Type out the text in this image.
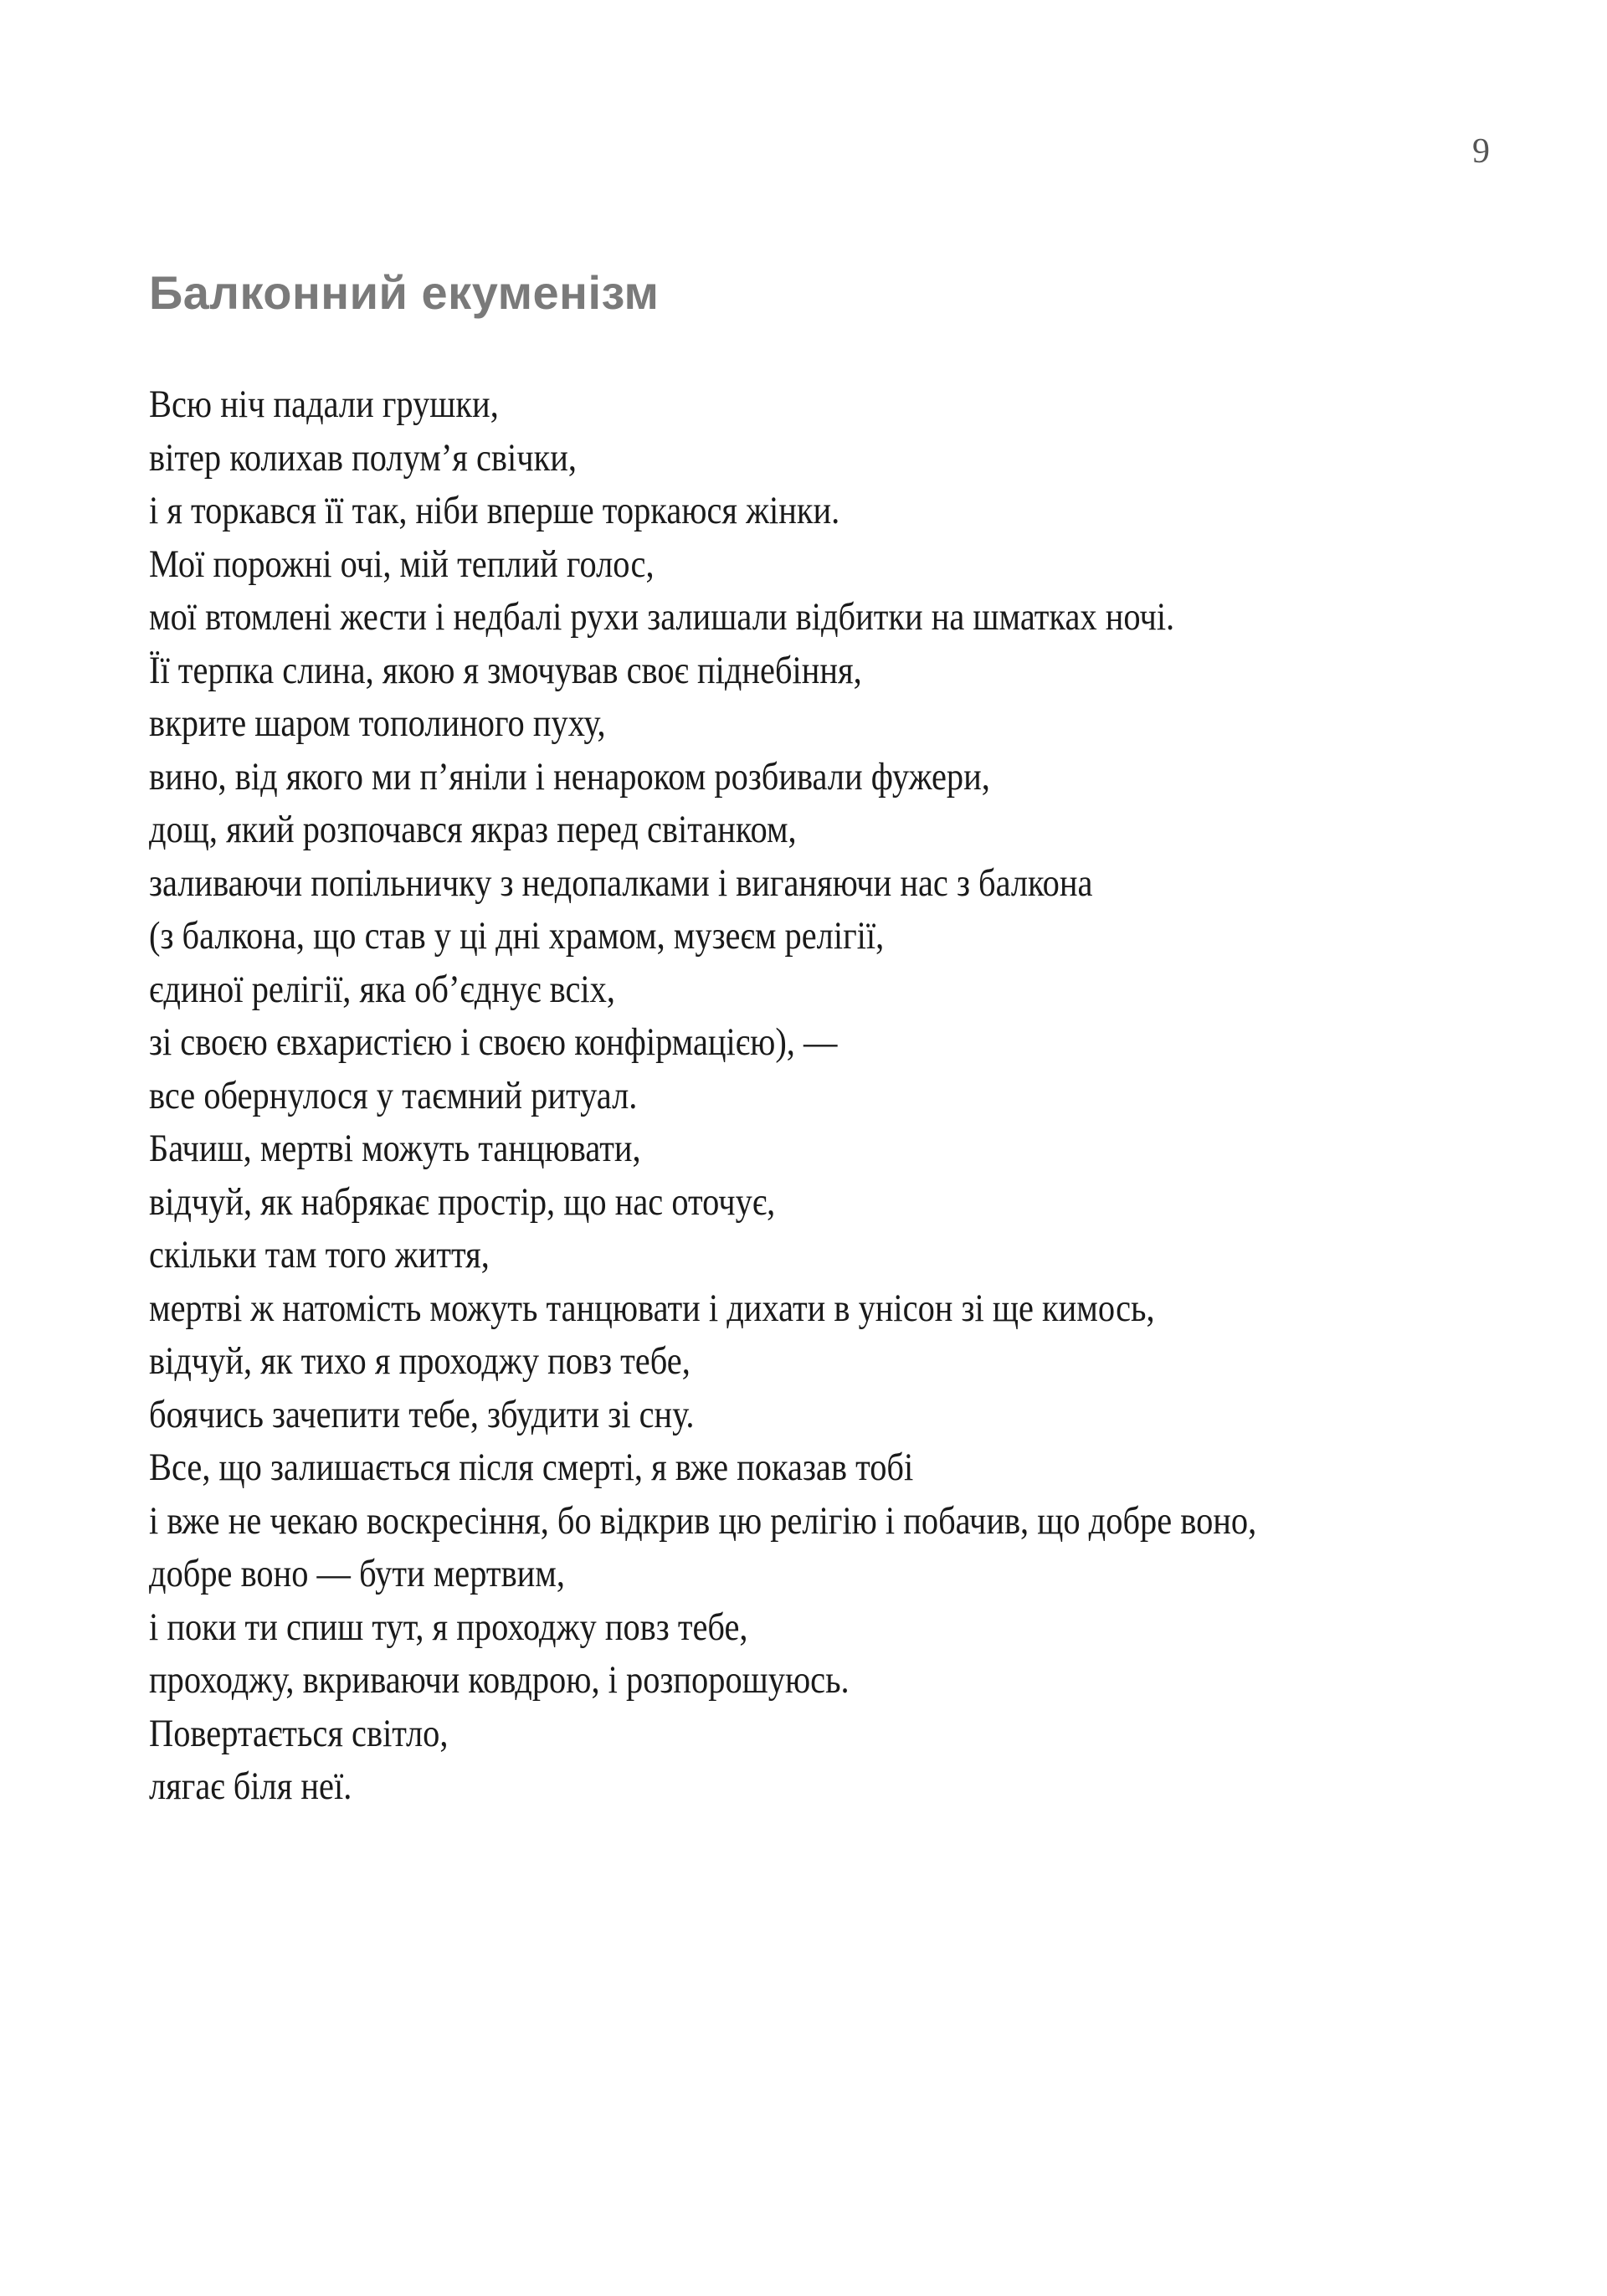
9
Балконний екуменізм
Всю ніч падали грушки,
вітер колихав полум’я свічки,
і я торкався її так, ніби вперше торкаюся жінки.
Мої порожні очі, мій теплий голос,
мої втомлені жести і недбалі рухи залишали відбитки на шматках ночі.
Її терпка слина, якою я змочував своє піднебіння,
вкрите шаром тополиного пуху,
вино, від якого ми п’яніли і ненароком розбивали фужери,
дощ, який розпочався якраз перед світанком,
заливаючи попільничку з недопалками і виганяючи нас з балкона
(з балкона, що став у ці дні храмом, музеєм релігії,
єдиної релігії, яка об’єднує всіх,
зі своєю євхаристією і своєю конфірмацією), —
все обернулося у таємний ритуал.
Бачиш, мертві можуть танцювати,
відчуй, як набрякає простір, що нас оточує,
скільки там того життя,
мертві ж натомість можуть танцювати і дихати в унісон зі ще кимось,
відчуй, як тихо я проходжу повз тебе,
боячись зачепити тебе, збудити зі сну.
Все, що залишається після смерті, я вже показав тобі
і вже не чекаю воскресіння, бо відкрив цю релігію і побачив, що добре воно,
добре воно — бути мертвим,
і поки ти спиш тут, я проходжу повз тебе,
проходжу, вкриваючи ковдрою, і розпорошуюсь.
Повертається світло,
лягає біля неї.
